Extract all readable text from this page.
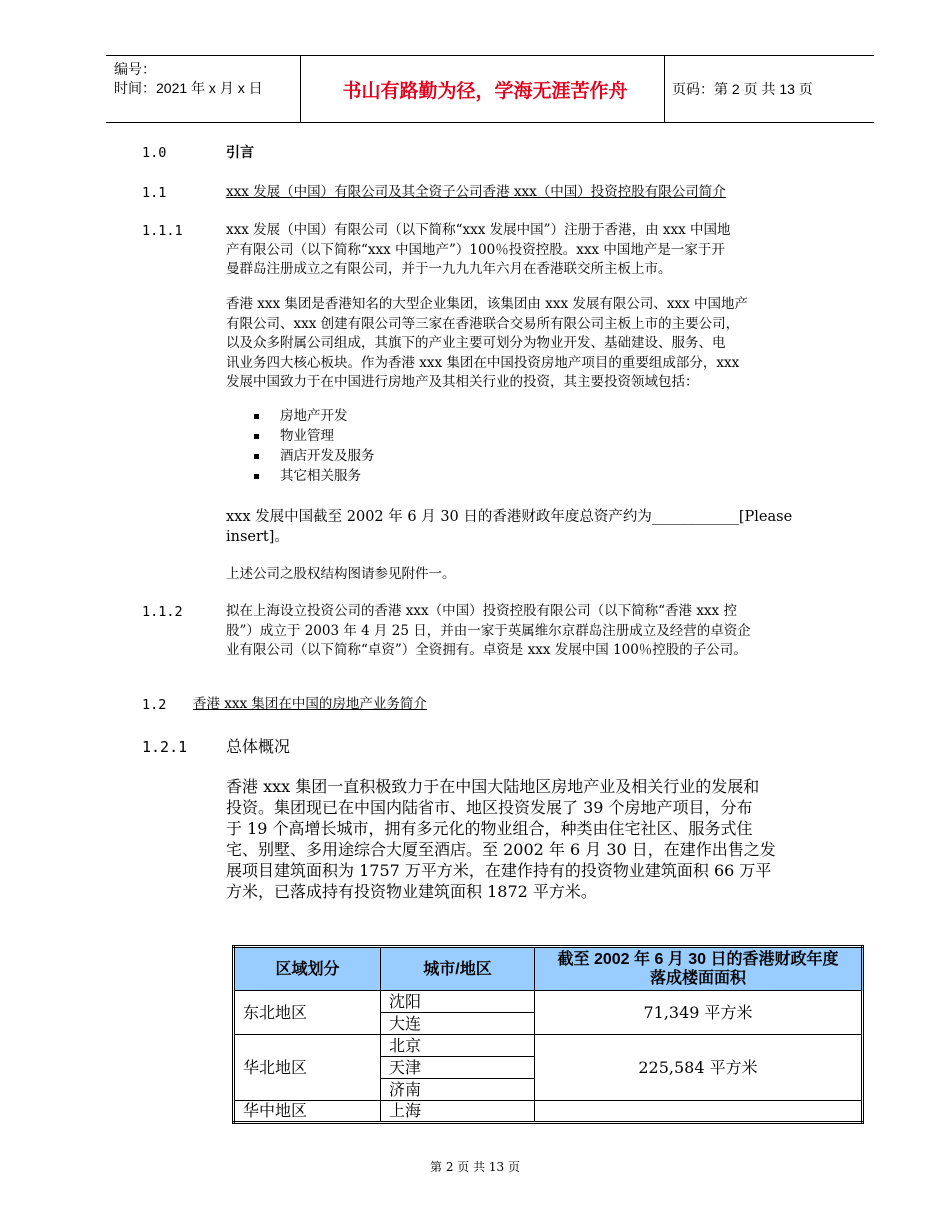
编号：
时间：2021 年 x 月 x 日	书山有路勤为径，学海无涯苦作舟	页码：第 2 页 共 13 页
1.0	引言
1.1	xxx 发展（中国）有限公司及其全资子公司香港 xxx（中国）投资控股有限公司简介
1.1.1	xxx 发展（中国）有限公司（以下简称“xxx 发展中国”）注册于香港，由 xxx 中国地
产有限公司（以下简称“xxx 中国地产”）100％投资控股。xxx 中国地产是一家于开
曼群岛注册成立之有限公司，并于一九九九年六月在香港联交所主板上市。
香港 xxx 集团是香港知名的大型企业集团，该集团由 xxx 发展有限公司、xxx 中国地产
有限公司、xxx 创建有限公司等三家在香港联合交易所有限公司主板上市的主要公司，
以及众多附属公司组成，其旗下的产业主要可划分为物业开发、基础建设、服务、电
讯业务四大核心板块。作为香港 xxx 集团在中国投资房地产项目的重要组成部分，xxx
发展中国致力于在中国进行房地产及其相关行业的投资，其主要投资领域包括：
房地产开发
物业管理
酒店开发及服务
其它相关服务
xxx 发展中国截至 2002 年 6 月 30 日的香港财政年度总资产约为____________[Please
insert]。
上述公司之股权结构图请参见附件一。
1.1.2	拟在上海设立投资公司的香港 xxx（中国）投资控股有限公司（以下简称“香港 xxx 控
股”）成立于 2003 年 4 月 25 日，并由一家于英属维尔京群岛注册成立及经营的卓资企
业有限公司（以下简称“卓资”）全资拥有。卓资是 xxx 发展中国 100％控股的子公司。
1.2 香港 xxx 集团在中国的房地产业务简介
1.2.1 总体概况
香港 xxx 集团一直积极致力于在中国大陆地区房地产业及相关行业的发展和
投资。集团现已在中国内陆省市、地区投资发展了 39 个房地产项目，分布
于 19 个高增长城市，拥有多元化的物业组合，种类由住宅社区、服务式住
宅、别墅、多用途综合大厦至酒店。至 2002 年 6 月 30 日，在建作出售之发
展项目建筑面积为 1757 万平方米，在建作持有的投资物业建筑面积 66 万平
方米，已落成持有投资物业建筑面积 1872 平方米。
区域划分	城市/地区	截至 2002 年 6 月 30 日的香港财政年度
落成楼面面积

东北地区	沈阳	71,349 平方米
	大连	
华北地区	北京	225,584 平方米
	天津	
	济南	
华中地区	上海	
第 2 页 共 13 页
